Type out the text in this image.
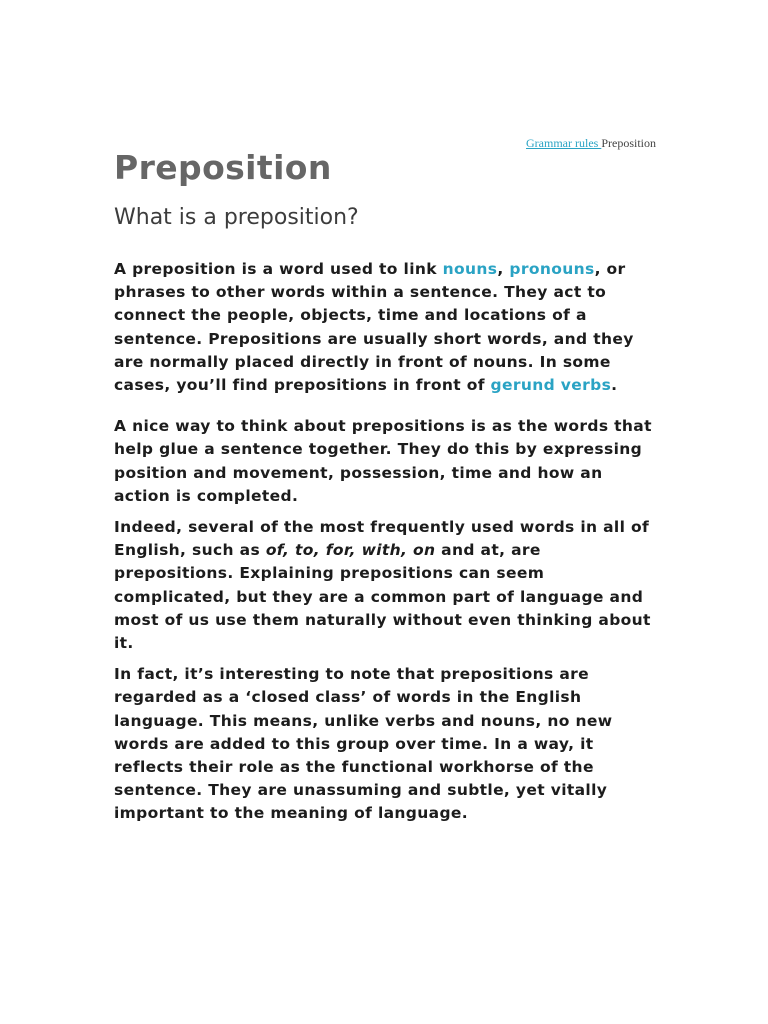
Grammar rules Preposition
Preposition
What is a preposition?

A preposition is a word used to link nouns, pronouns, or phrases to other words within a sentence. They act to connect the people, objects, time and locations of a sentence. Prepositions are usually short words, and they are normally placed directly in front of nouns. In some cases, you’ll find prepositions in front of gerund verbs.

A nice way to think about prepositions is as the words that help glue a sentence together. They do this by expressing position and movement, possession, time and how an action is completed.

Indeed, several of the most frequently used words in all of English, such as of, to, for, with, on and at, are prepositions. Explaining prepositions can seem complicated, but they are a common part of language and most of us use them naturally without even thinking about it.

In fact, it’s interesting to note that prepositions are regarded as a ‘closed class’ of words in the English language. This means, unlike verbs and nouns, no new words are added to this group over time. In a way, it reflects their role as the functional workhorse of the sentence. They are unassuming and subtle, yet vitally important to the meaning of language.
